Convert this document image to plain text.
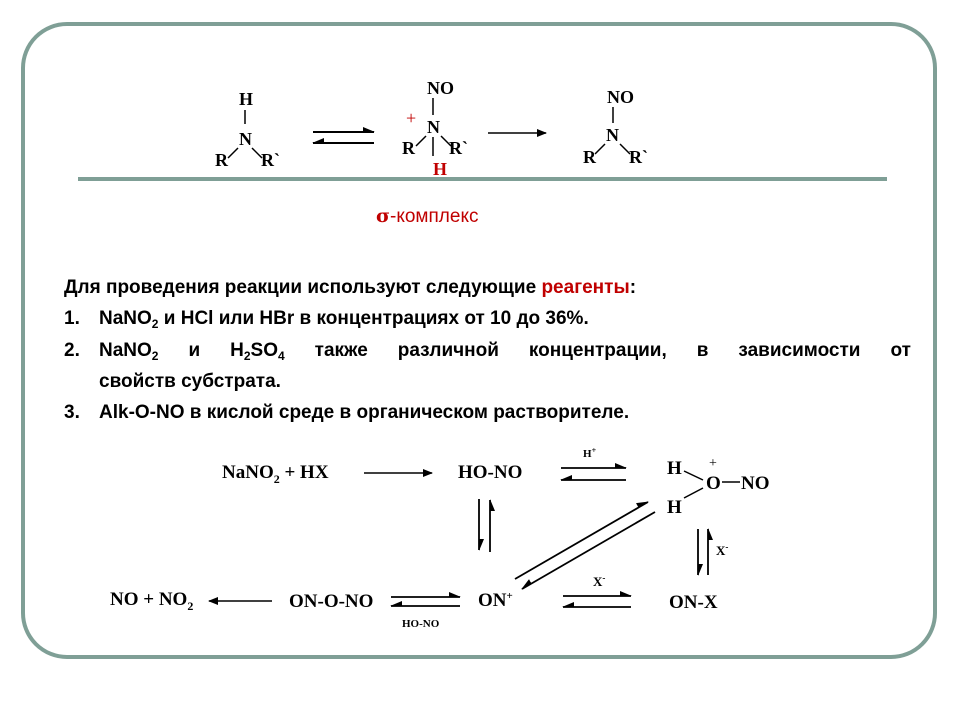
H
N
R R`
NO
+ N
R R`
H
NO
N
R R`
NaNO$_2$ + HX	HO-NO
H+
H
H
+
O NO
X-
ON+
X-
ON-X
ON-O-NO
HO-NO
NO + $NO_2$
σ-комплекс
Для проведения реакции используют следующие реагенты:
1. NaNO$_2$ и HCl или HBr в концентрациях от 10 до 36%.
2. NaNO$_2$ и $H_2SO_4$ также различной концентрации, в зависимости от
свойств субстрата.
3. Alk-O-NO в кислой среде в органическом растворителе.
